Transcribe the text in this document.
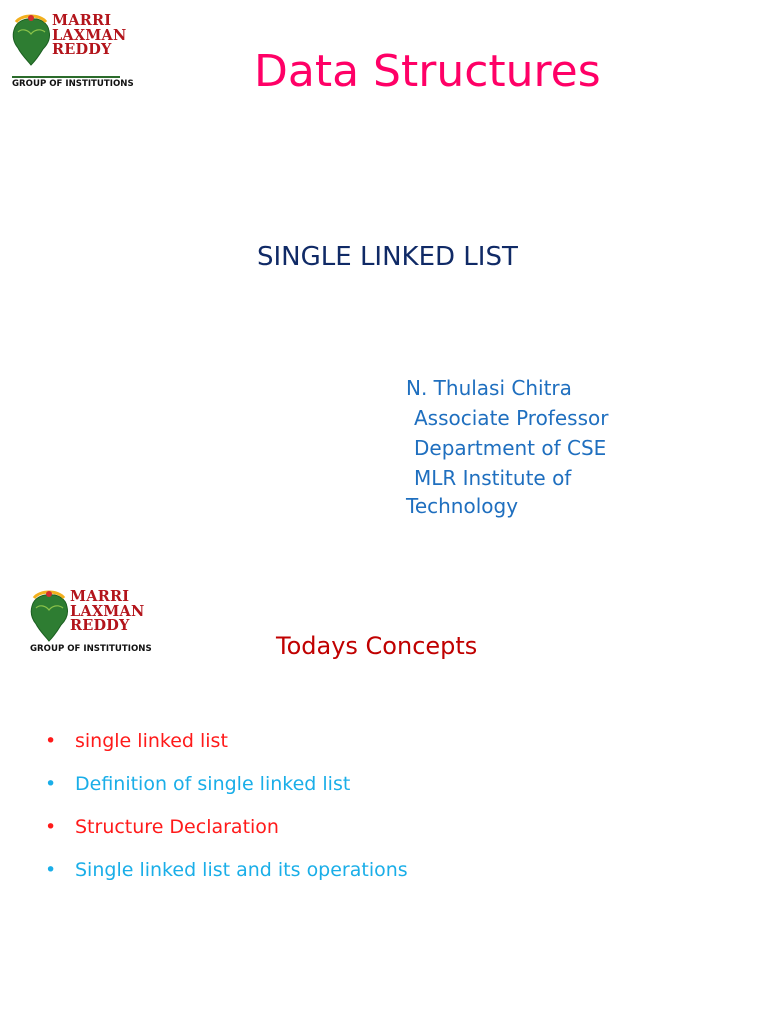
MARRI
LAXMAN
REDDY
GROUP OF INSTITUTIONS	Data Structures
SINGLE LINKED LIST
N. Thulasi Chitra
Associate Professor
Department of CSE
MLR Institute of
Technology
MARRI
LAXMAN
REDDY
GROUP OF INSTITUTIONS	Todays Concepts
• single linked list
• Definition of single linked list
• Structure Declaration
• Single linked list and its operations
